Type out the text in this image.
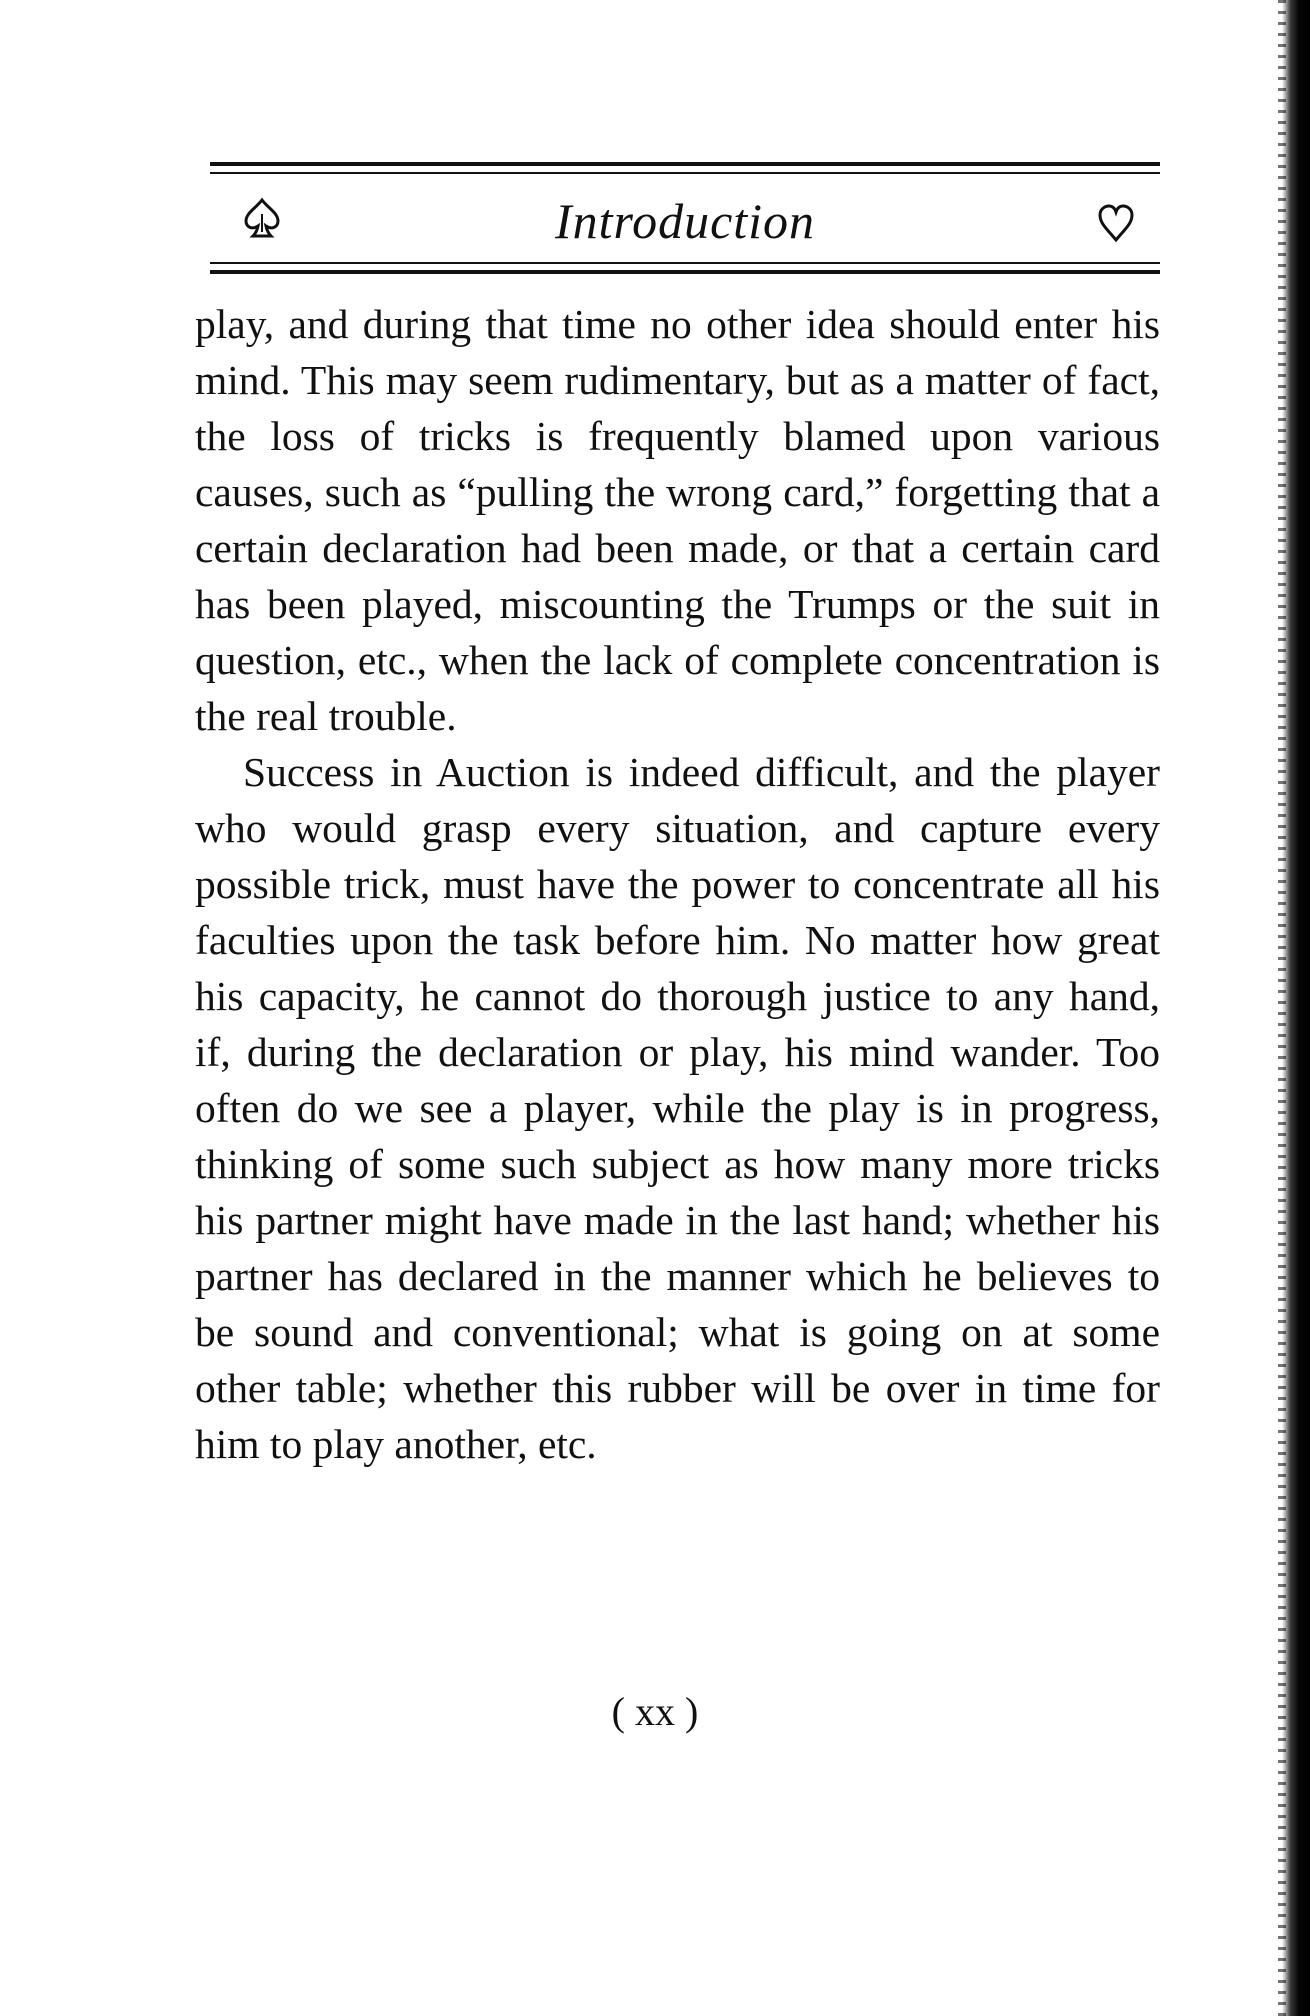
Introduction

play, and during that time no other idea should enter his mind. This may seem rudimentary, but as a matter of fact, the loss of tricks is frequently blamed upon various causes, such as “pulling the wrong card,” forgetting that a certain declaration had been made, or that a certain card has been played, miscounting the Trumps or the suit in question, etc., when the lack of complete concentration is the real trouble.

Success in Auction is indeed difficult, and the player who would grasp every situation, and capture every possible trick, must have the power to concentrate all his faculties upon the task before him. No matter how great his capacity, he cannot do thorough justice to any hand, if, during the declaration or play, his mind wander. Too often do we see a player, while the play is in progress, thinking of some such subject as how many more tricks his partner might have made in the last hand; whether his partner has declared in the manner which he believes to be sound and conventional; what is going on at some other table; whether this rubber will be over in time for him to play another, etc.

( xx )
